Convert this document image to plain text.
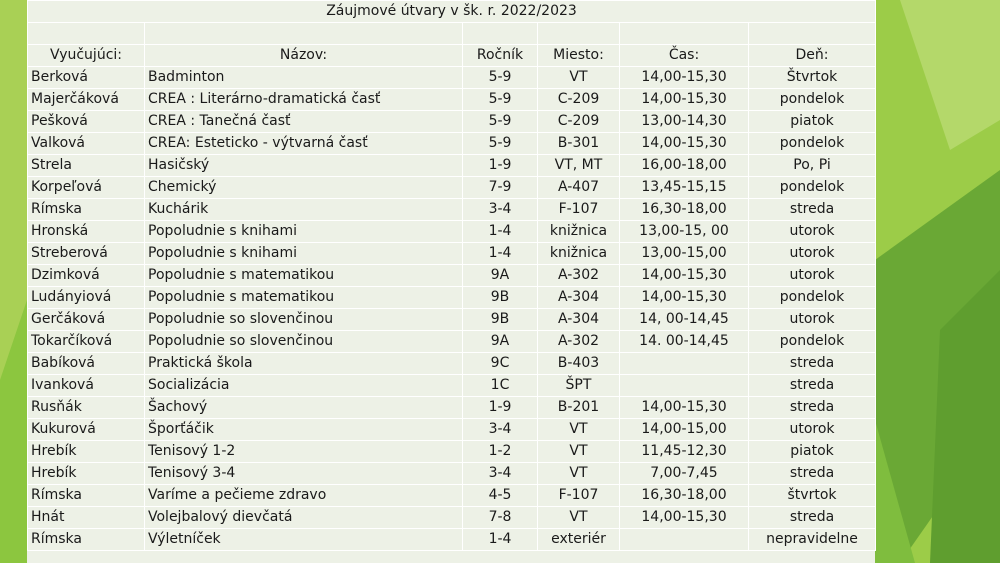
Záujmové útvary v šk. r. 2022/2023					

Vyučujúci:	Názov:	Ročník	Miesto:	Čas:	Deň:
Berková	Badminton	5-9	VT	14,00-15,30	Štvrtok
Majerčáková	CREA : Literárno-dramatická časť	5-9	C-209	14,00-15,30	pondelok
Pešková	CREA : Tanečná časť	5-9	C-209	13,00-14,30	piatok
Valková	CREA: Esteticko - výtvarná časť	5-9	B-301	14,00-15,30	pondelok
Strela	Hasičský	1-9	VT, MT	16,00-18,00	Po, Pi
Korpeľová	Chemický	7-9	A-407	13,45-15,15	pondelok
Rímska	Kuchárik	3-4	F-107	16,30-18,00	streda
Hronská	Popoludnie s knihami	1-4	knižnica	13,00-15, 00	utorok
Streberová	Popoludnie s knihami	1-4	knižnica	13,00-15,00	utorok
Dzimková	Popoludnie s matematikou	9A	A-302	14,00-15,30	utorok
Ludányiová	Popoludnie s matematikou	9B	A-304	14,00-15,30	pondelok
Gerčáková	Popoludnie so slovenčinou	9B	A-304	14, 00-14,45	utorok
Tokarčíková	Popoludnie so slovenčinou	9A	A-302	14. 00-14,45	pondelok
Babíková	Praktická škola	9C	B-403		streda
Ivanková	Socializácia	1C	ŠPT		streda
Rusňák	Šachový	1-9	B-201	14,00-15,30	streda
Kukurová	Šporťáčik	3-4	VT	14,00-15,00	utorok
Hrebík	Tenisový 1-2	1-2	VT	11,45-12,30	piatok
Hrebík	Tenisový 3-4	3-4	VT	7,00-7,45	streda
Rímska	Varíme a pečieme zdravo	4-5	F-107	16,30-18,00	štvrtok
Hnát	Volejbalový dievčatá	7-8	VT	14,00-15,30	streda
Rímska	Výletníček	1-4	exteriér		nepravidelne
